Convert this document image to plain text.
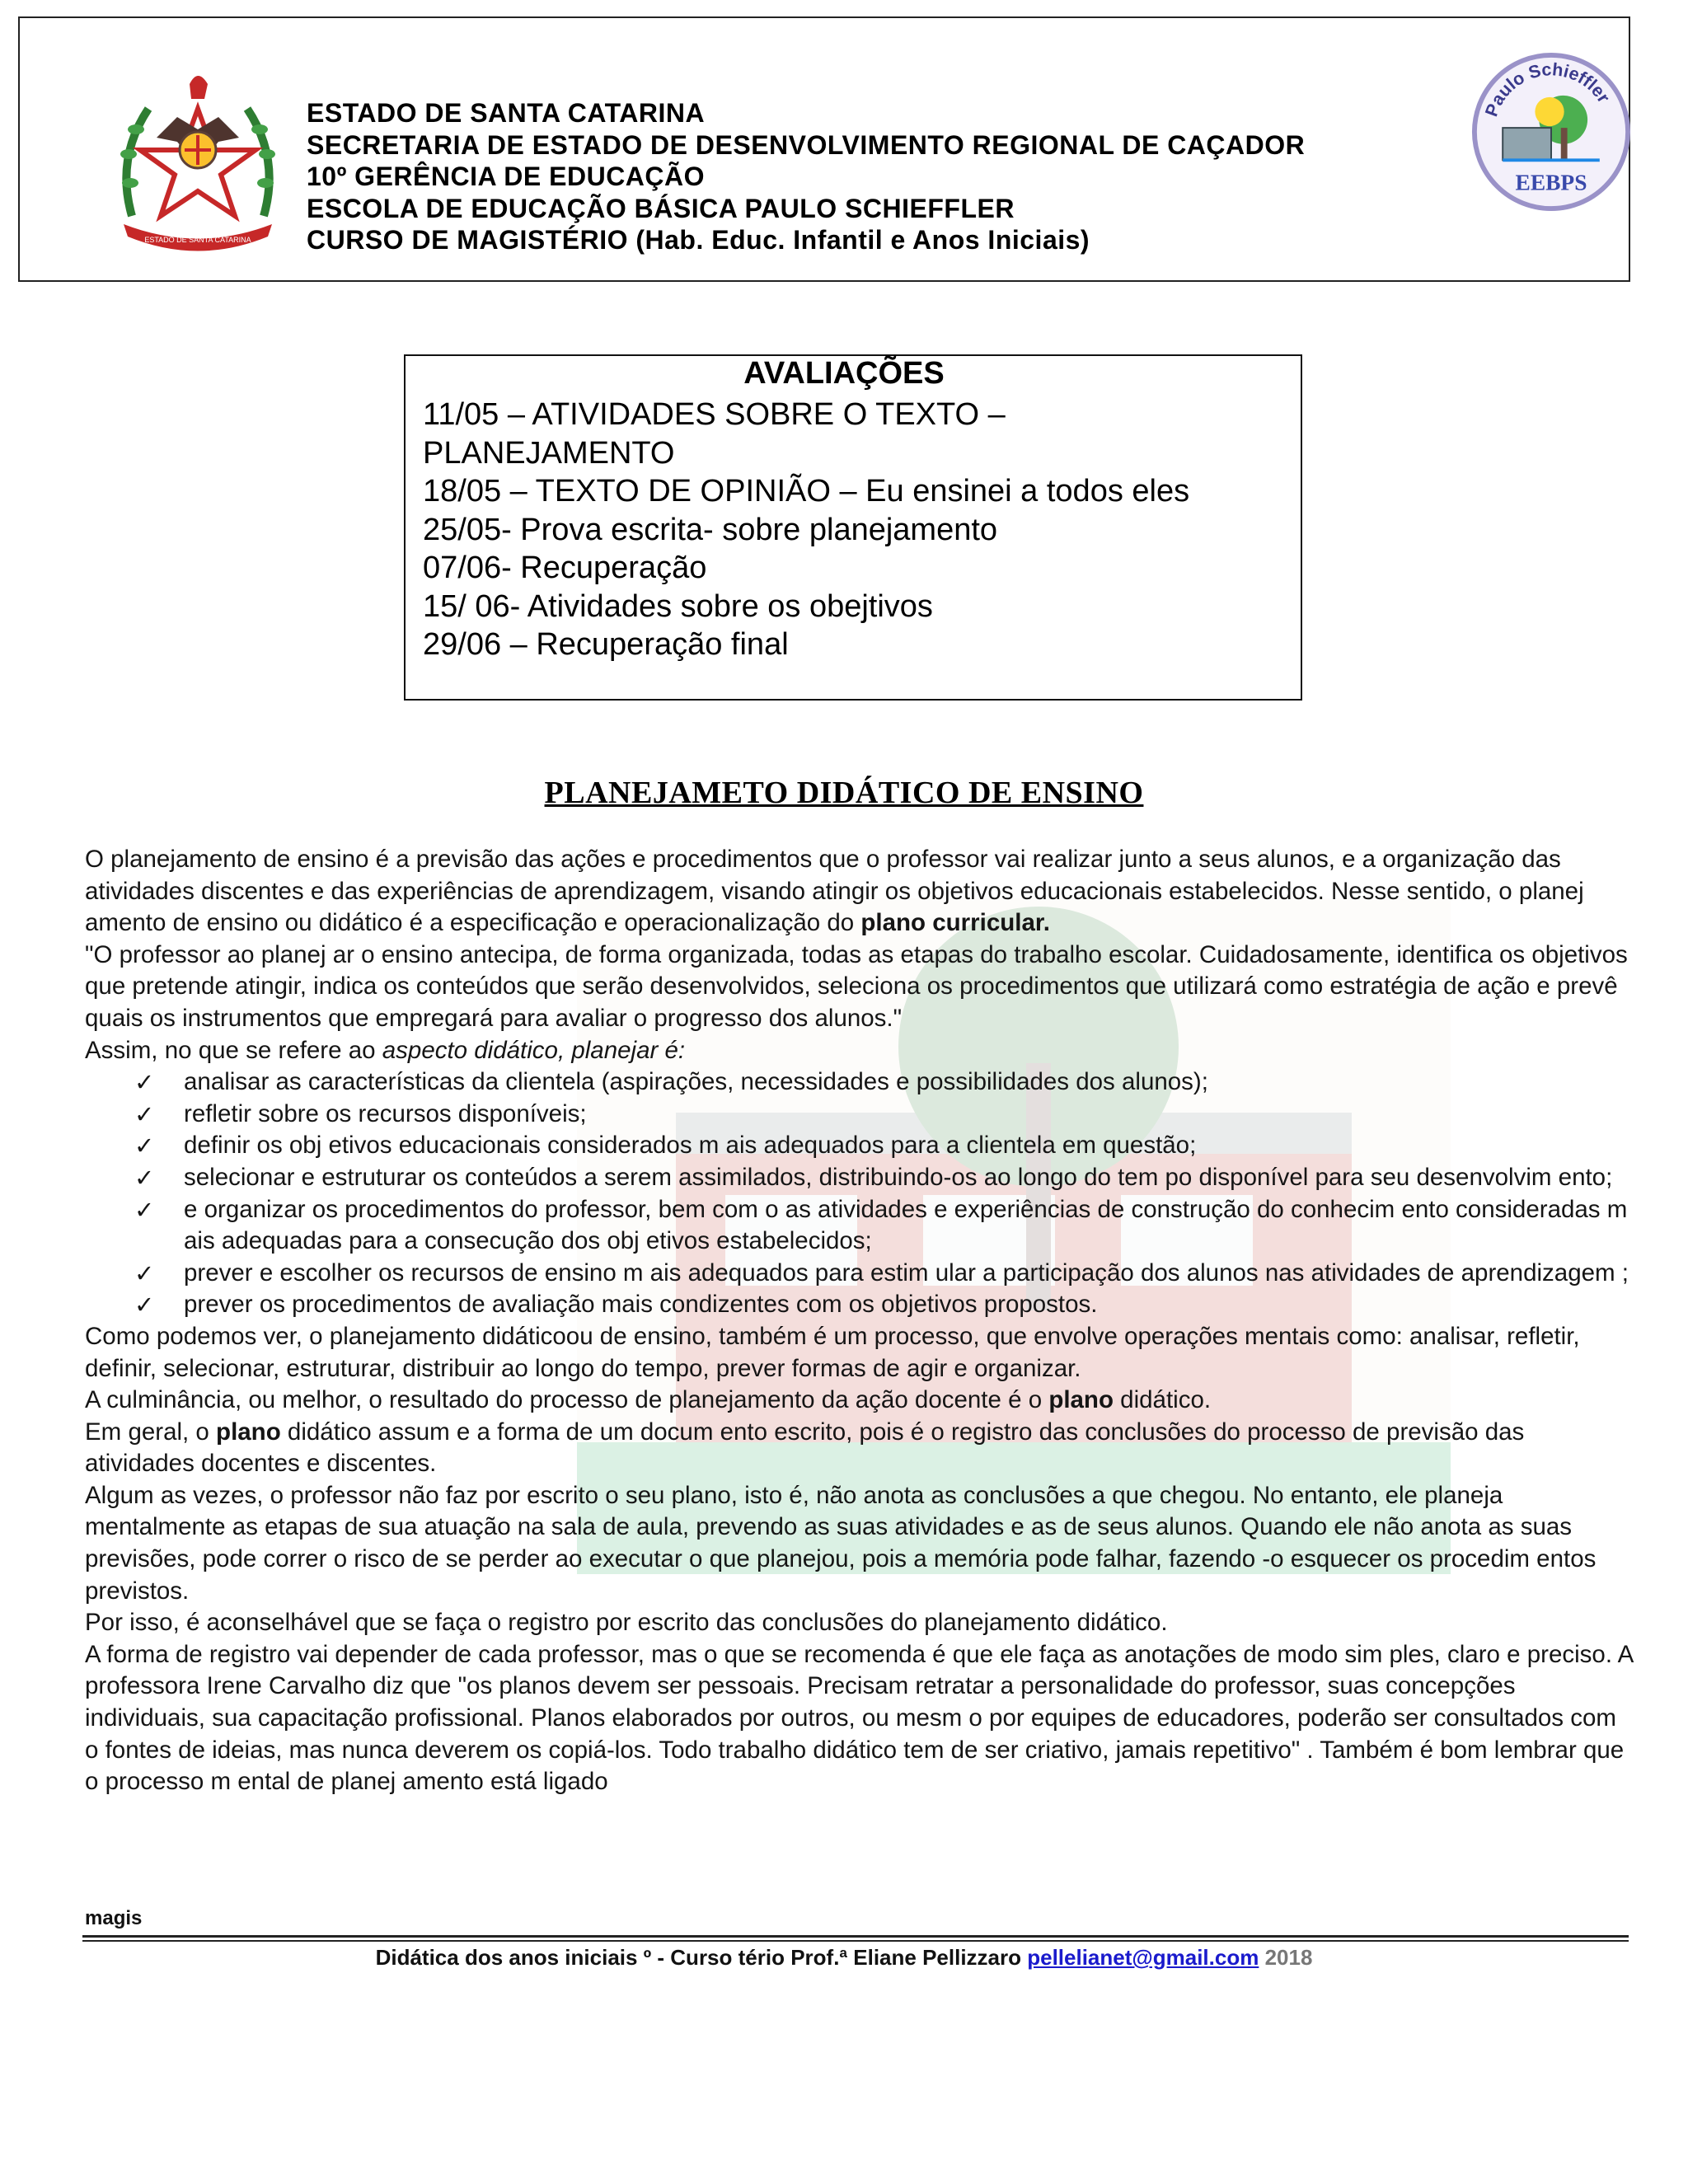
ESTADO DE SANTA CATARINA
ESTADO DE SANTA CATARINA
SECRETARIA DE ESTADO DE DESENVOLVIMENTO REGIONAL DE CAÇADOR
10º GERÊNCIA DE EDUCAÇÃO
ESCOLA DE EDUCAÇÃO BÁSICA PAULO SCHIEFFLER
CURSO DE MAGISTÉRIO (Hab. Educ. Infantil e Anos Iniciais)
Paulo Schieffler
EEBPS
AVALIAÇÕES
11/05 – ATIVIDADES SOBRE O TEXTO –
PLANEJAMENTO
18/05 – TEXTO DE OPINIÃO – Eu ensinei a todos eles
25/05- Prova escrita- sobre planejamento
07/06- Recuperação
15/ 06- Atividades sobre os obejtivos
29/06 – Recuperação final
PLANEJAMETO DIDÁTICO DE ENSINO

O planejamento de ensino é a previsão das ações e procedimentos que o professor vai realizar junto a seus alunos, e a organização das atividades discentes e das experiências de aprendizagem, visando atingir os objetivos educacionais estabelecidos. Nesse sentido, o planej amento de ensino ou didático é a especificação e operacionalização do plano curricular.

"O professor ao planej ar o ensino antecipa, de forma organizada, todas as etapas do trabalho escolar. Cuidadosamente, identifica os objetivos que pretende atingir, indica os conteúdos que serão desenvolvidos, seleciona os procedimentos que utilizará como estratégia de ação e prevê quais os instrumentos que empregará para avaliar o progresso dos alunos."

Assim, no que se refere ao aspecto didático, planejar é:

✓ analisar as características da clientela (aspirações, necessidades e possibilidades dos alunos);
✓ refletir sobre os recursos disponíveis;
✓ definir os obj etivos educacionais considerados m ais adequados para a clientela em questão;
✓ selecionar e estruturar os conteúdos a serem assimilados, distribuindo-os ao longo do tem po disponível para seu desenvolvim ento;
✓ e organizar os procedimentos do professor, bem com o as atividades e experiências de construção do conhecim ento consideradas m ais adequadas para a consecução dos obj etivos estabelecidos;
✓ prever e escolher os recursos de ensino m ais adequados para estim ular a participação dos alunos nas atividades de aprendizagem ;
✓ prever os procedimentos de avaliação mais condizentes com os objetivos propostos.

Como podemos ver, o planejamento didáticoou de ensino, também é um processo, que envolve operações mentais como: analisar, refletir, definir, selecionar, estruturar, distribuir ao longo do tempo, prever formas de agir e organizar.

A culminância, ou melhor, o resultado do processo de planejamento da ação docente é o plano didático.

Em geral, o plano didático assum e a forma de um docum ento escrito, pois é o registro das conclusões do processo de previsão das atividades docentes e discentes.

Algum as vezes, o professor não faz por escrito o seu plano, isto é, não anota as conclusões a que chegou. No entanto, ele planeja mentalmente as etapas de sua atuação na sala de aula, prevendo as suas atividades e as de seus alunos. Quando ele não anota as suas previsões, pode correr o risco de se perder ao executar o que planejou, pois a memória pode falhar, fazendo -o esquecer os procedim entos previstos.

Por isso, é aconselhável que se faça o registro por escrito das conclusões do planejamento didático.

A forma de registro vai depender de cada professor, mas o que se recomenda é que ele faça as anotações de modo sim ples, claro e preciso. A professora Irene Carvalho diz que "os planos devem ser pessoais. Precisam retratar a personalidade do professor, suas concepções individuais, sua capacitação profissional. Planos elaborados por outros, ou mesm o por equipes de educadores, poderão ser consultados com o fontes de ideias, mas nunca deverem os copiá-los. Todo trabalho didático tem de ser criativo, jamais repetitivo" . Também é bom lembrar que o processo m ental de planej amento está ligado

magis
Didática dos anos iniciais º - Curso tério Prof.ª Eliane Pellizzaro pellelianet@gmail.com 2018
